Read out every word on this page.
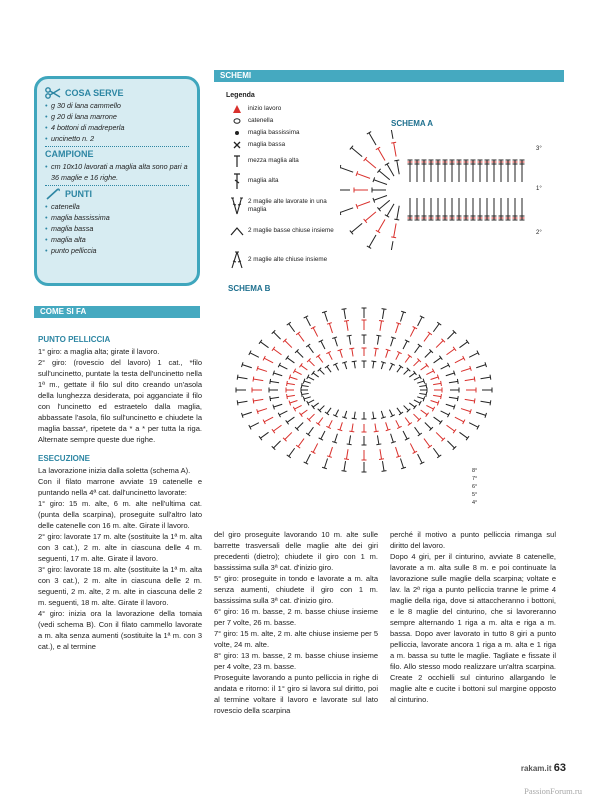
COSA SERVE
• g 30 di lana cammello
• g 20 di lana marrone
• 4 bottoni di madreperla
• uncinetto n. 2
CAMPIONE
• cm 10x10 lavorati a maglia alta sono pari a 36 maglie e 16 righe.
PUNTI
• catenella
• maglia bassissima
• maglia bassa
• maglia alta
• punto pelliccia
SCHEMI
Legenda
inizio lavoro
catenella
maglia bassissima
maglia bassa
mezza maglia alta
maglia alta
2 maglie alte lavorate in una maglia
2 maglie basse chiuse insieme
2 maglie alte chiuse insieme
SCHEMA A
3°
1°
2°
SCHEMA B
8°
7°
6°
5°
4°
COME SI FA
PUNTO PELLICCIA

1° giro: a maglia alta; girate il lavoro.

2° giro: (rovescio del lavoro) 1 cat., *filo sull'uncinetto, puntate la testa dell'uncinetto nella 1ª m., gettate il filo sul dito creando un'asola della lunghezza desiderata, poi agganciate il filo con l'uncinetto ed estraetelo dalla maglia, abbassate l'asola, filo sull'uncinetto e chiudete la maglia bassa*, ripetete da * a * per tutta la riga. Alternate sempre queste due righe.

ESECUZIONE

La lavorazione inizia dalla soletta (schema A).

Con il filato marrone avviate 19 catenelle e puntando nella 4ª cat. dall'uncinetto lavorate:

1° giro: 15 m. alte, 6 m. alte nell'ultima cat. (punta della scarpina), proseguite sull'altro lato delle catenelle con 16 m. alte. Girate il lavoro.

2° giro: lavorate 17 m. alte (sostituite la 1ª m. alta con 3 cat.), 2 m. alte in ciascuna delle 4 m. seguenti, 17 m. alte. Girate il lavoro.

3° giro: lavorate 18 m. alte (sostituite la 1ª m. alta con 3 cat.), 2 m. alte in ciascuna delle 2 m. seguenti, 2 m. alte, 2 m. alte in ciascuna delle 2 m. seguenti, 18 m. alte. Girate il lavoro.

4° giro: inizia ora la lavorazione della tomaia (vedi schema B). Con il filato cammello lavorate a m. alta senza aumenti (sostituite la 1ª m. con 3 cat.), e al termine

del giro proseguite lavorando 10 m. alte sulle barrette trasversali delle maglie alte dei giri precedenti (dietro); chiudete il giro con 1 m. bassissima sulla 3ª cat. d'inizio giro.

5° giro: proseguite in tondo e lavorate a m. alta senza aumenti, chiudete il giro con 1 m. bassissima sulla 3ª cat. d'inizio giro.

6° giro: 16 m. basse, 2 m. basse chiuse insieme per 7 volte, 26 m. basse.

7° giro: 15 m. alte, 2 m. alte chiuse insieme per 5 volte, 24 m. alte.

8° giro: 13 m. basse, 2 m. basse chiuse insieme per 4 volte, 23 m. basse.

Proseguite lavorando a punto pelliccia in righe di andata e ritorno: il 1° giro si lavora sul diritto, poi al termine voltare il lavoro e lavorate sul lato rovescio della scarpina

perché il motivo a punto pelliccia rimanga sul diritto del lavoro.

Dopo 4 giri, per il cinturino, avviate 8 catenelle, lavorate a m. alta sulle 8 m. e poi continuate la lavorazione sulle maglie della scarpina; voltate e lav. la 2ª riga a punto pelliccia tranne le prime 4 maglie della riga, dove si attaccheranno i bottoni, e le 8 maglie del cinturino, che si lavoreranno sempre alternando 1 riga a m. alta e riga a m. bassa. Dopo aver lavorato in tutto 8 giri a punto pelliccia, lavorate ancora 1 riga a m. alta e 1 riga a m. bassa su tutte le maglie. Tagliate e fissate il filo. Allo stesso modo realizzare un'altra scarpina. Create 2 occhielli sul cinturino allargando le maglie alte e cucite i bottoni sul margine opposto al cinturino.

rakam.it 63
PassionForum.ru
